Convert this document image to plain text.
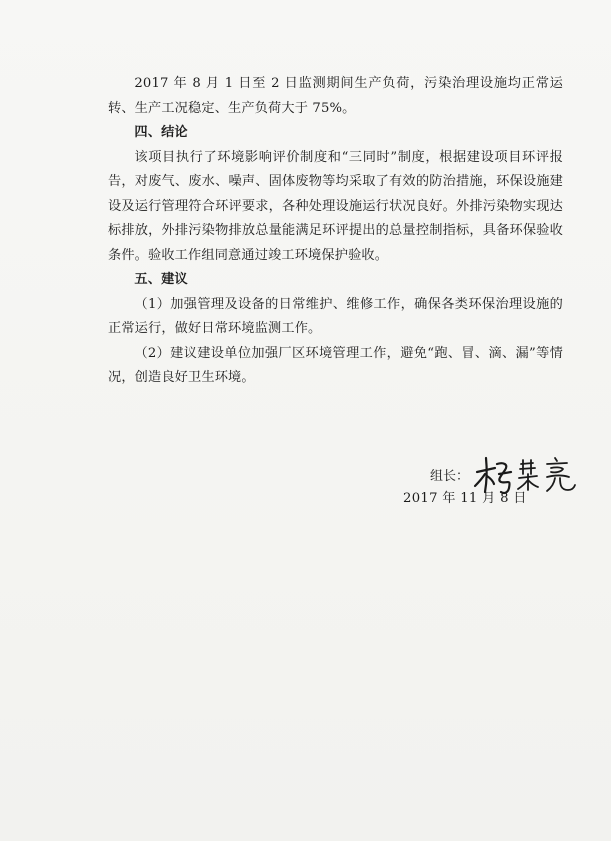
2017 年 8 月 1 日至 2 日监测期间生产负荷，污染治理设施均正常运转、生产工况稳定、生产负荷大于 75%。

四、结论

该项目执行了环境影响评价制度和“三同时”制度，根据建设项目环评报告，对废气、废水、噪声、固体废物等均采取了有效的防治措施，环保设施建设及运行管理符合环评要求，各种处理设施运行状况良好。外排污染物实现达标排放，外排污染物排放总量能满足环评提出的总量控制指标，具备环保验收条件。验收工作组同意通过竣工环境保护验收。

五、建议

（1）加强管理及设备的日常维护、维修工作，确保各类环保治理设施的正常运行，做好日常环境监测工作。

（2）建议建设单位加强厂区环境管理工作，避免“跑、冒、滴、漏”等情况，创造良好卫生环境。

组长：
2017 年 11 月 8 日
